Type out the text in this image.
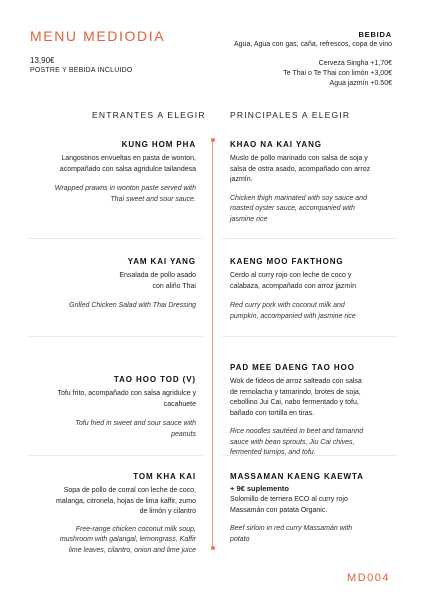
MENU MEDIODIA
13,90€
POSTRE Y BEBIDA INCLUIDO
BEBIDA
Agua, Agua con gas, caña, refrescos, copa de vino
Cerveza Singha +1,70€
Te Thai o Te Thai con limón +3,00€
Agua jazmín +0.50€
ENTRANTES A ELEGIR	PRINCIPALES A ELEGIR
KUNG HOM PHA
Langostinos envueltas en pasta de wonton,
acompañado con salsa agridulce tailandesa
Wrapped prawns in wonton paste served with
Thai sweet and sour sauce.
YAM KAI YANG
Ensalada de pollo asado
con aliño Thai
Grilled Chicken Salad with Thai Dressing
TAO HOO TOD (V)
Tofu frito, acompañado con salsa agridulce y
cacahuete
Tofu fried in sweet and sour sauce with
peanuts
TOM KHA KAI
Sopa de pollo de corral con leche de coco,
malanga, citronela, hojas de lima kaffir, zumo
de limón y cilantro
Free-range chicken coconut milk soup,
mushroom with galangal, lemongrass, Kaffir
lime leaves, cilantro, onion and lime juice
KHAO NA KAI YANG
Muslo de pollo marinado con salsa de soja y
salsa de ostra asado, acompañado con arroz
jazmín.
Chicken thigh marinated with soy sauce and
roasted oyster sauce, accompanied with
jasmine rice
KAENG MOO FAKTHONG
Cerdo al curry rojo con leche de coco y
calabaza, acompañado con arroz jazmín
Red curry pork with coconut milk and
pumpkin, accompanied with jasmine rice
PAD MEE DAENG TAO HOO
Wok de fideos de arroz salteado con salsa
de remolacha y tamarindo, brotes de soja,
cebollino Jui Cai, nabo fermentado y tofu,
bañado con tortilla en tiras.
Rice noodles sautéed in beet and tamarind
sauce with bean sprouts, Jiu Cai chives,
fermented turnips, and tofu.
MASSAMAN KAENG KAEWTA
+ 9€ suplemento
Solomillo de ternera ECO al curry rojo
Massamán con patata Organic.
Beef sirloin in red curry Massamán with
potato
MD004
